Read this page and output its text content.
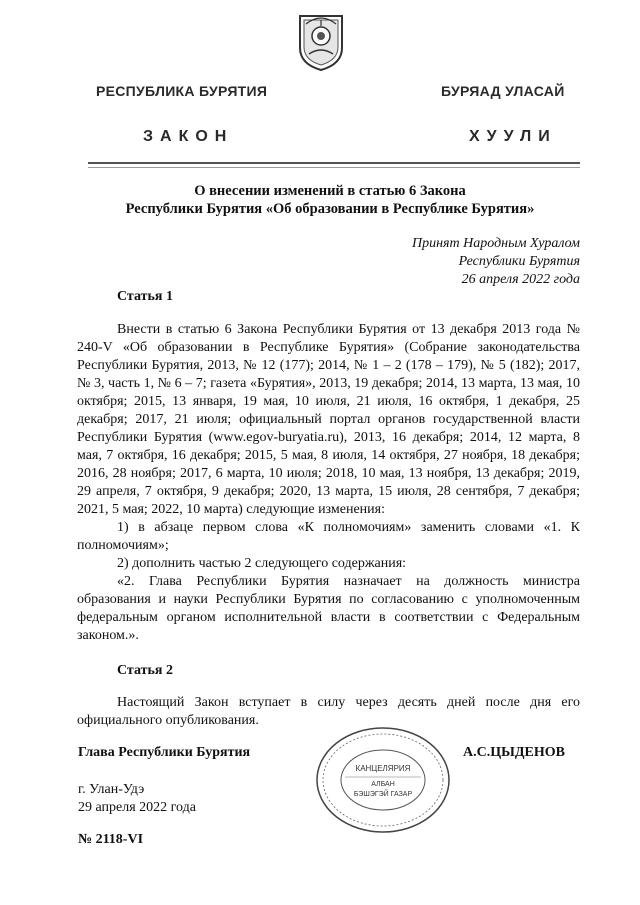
РЕСПУБЛИКА БУРЯТИЯ	БУРЯАД УЛАСАЙ
ЗАКОН	ХУУЛИ
О внесении изменений в статью 6 Закона
Республики Бурятия «Об образовании в Республике Бурятия»
Принят Народным Хуралом
Республики Бурятия
26 апреля 2022 года
Статья 1

Внести в статью 6 Закона Республики Бурятия от 13 декабря 2013 года № 240-V «Об образовании в Республике Бурятия» (Собрание законодательства Республики Бурятия, 2013, № 12 (177); 2014, № 1 – 2 (178 – 179), № 5 (182); 2017, № 3, часть 1, № 6 – 7; газета «Бурятия», 2013, 19 декабря; 2014, 13 марта, 13 мая, 10 октября; 2015, 13 января, 19 мая, 10 июля, 21 июля, 16 октября, 1 декабря, 25 декабря; 2017, 21 июля; официальный портал органов государственной власти Республики Бурятия (www.egov-buryatia.ru), 2013, 16 декабря; 2014, 12 марта, 8 мая, 7 октября, 16 декабря; 2015, 5 мая, 8 июля, 14 октября, 27 ноября, 18 декабря; 2016, 28 ноября; 2017, 6 марта, 10 июля; 2018, 10 мая, 13 ноября, 13 декабря; 2019, 29 апреля, 7 октября, 9 декабря; 2020, 13 марта, 15 июля, 28 сентября, 7 декабря; 2021, 5 мая; 2022, 10 марта) следующие изменения:

1) в абзаце первом слова «К полномочиям» заменить словами «1. К полномочиям»;

2) дополнить частью 2 следующего содержания:

«2. Глава Республики Бурятия назначает на должность министра образования и науки Республики Бурятия по согласованию с уполномоченным федеральным органом исполнительной власти в соответствии с Федеральным законом.».

Статья 2

Настоящий Закон вступает в силу через десять дней после дня его официального опубликования.

КАНЦЕЛЯРИЯ
АЛБАН
БЭШЭГЭЙ ГАЗАР
Глава Республики Бурятия	А.С.ЦЫДЕНОВ
г. Улан-Удэ
29 апреля 2022 года
№ 2118-VI
